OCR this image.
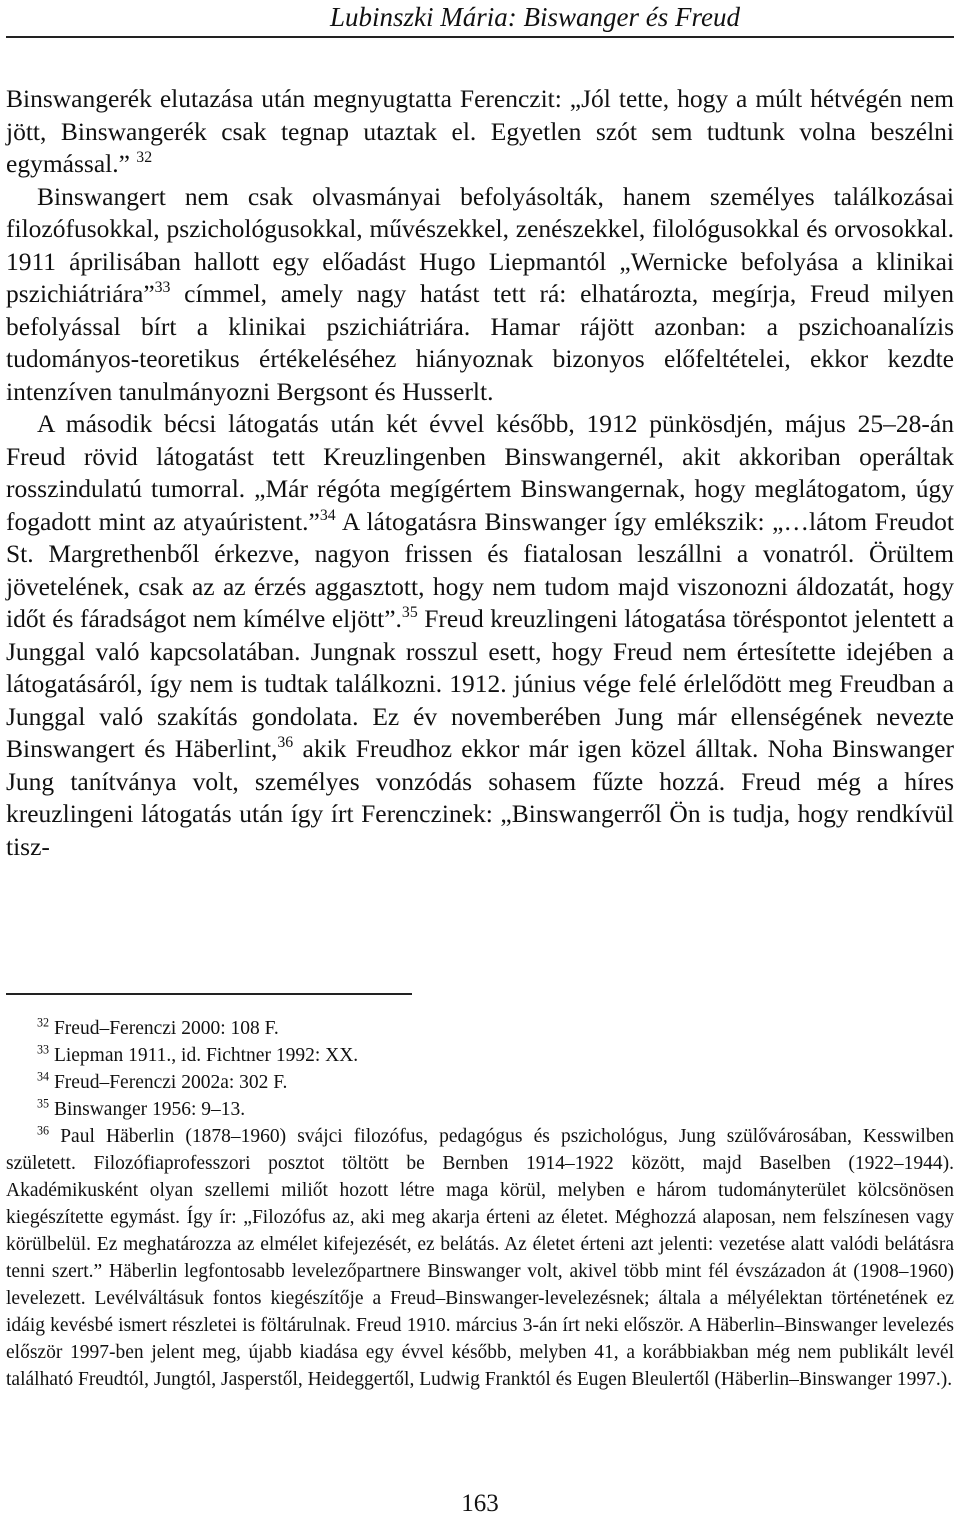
Lubinszki Mária: Biswanger és Freud

Binswangerék elutazása után megnyugtatta Ferenczit: „Jól tette, hogy a múlt hétvégén nem jött, Binswangerék csak tegnap utaztak el. Egyetlen szót sem tudtunk volna beszélni egymással.” $^{32}$

Binswangert nem csak olvasmányai befolyásolták, hanem személyes találkozásai filozófusokkal, pszichológusokkal, művészekkel, zenészekkel, filológusokkal és orvosokkal. 1911 áprilisában hallott egy előadást Hugo Liepmantól „Wernicke befolyása a klinikai pszichiátriára”$^{33}$ címmel, amely nagy hatást tett rá: elhatározta, megírja, Freud milyen befolyással bírt a klinikai pszichiátriára. Hamar rájött azonban: a pszichoanalízis tudományos-teoretikus értékeléséhez hiányoznak bizonyos előfeltételei, ekkor kezdte intenzíven tanulmányozni Bergsont és Husserlt.

A második bécsi látogatás után két évvel később, 1912 pünkösdjén, május 25–28-án Freud rövid látogatást tett Kreuzlingenben Binswangernél, akit akkoriban operáltak rosszindulatú tumorral. „Már régóta megígértem Binswangernak, hogy meglátogatom, úgy fogadott mint az atyaúristent.”$^{34}$ A látogatásra Binswanger így emlékszik: „…látom Freudot St. Margrethenből érkezve, nagyon frissen és fiatalosan leszállni a vonatról. Örültem jövetelének, csak az az érzés aggasztott, hogy nem tudom majd viszonozni áldozatát, hogy időt és fáradságot nem kímélve eljött”.$^{35}$ Freud kreuzlingeni látogatása töréspontot jelentett a Junggal való kapcsolatában. Jungnak rosszul esett, hogy Freud nem értesítette idejében a látogatásáról, így nem is tudtak találkozni. 1912. június vége felé érlelődött meg Freudban a Junggal való szakítás gondolata. Ez év novemberében Jung már ellenségének nevezte Binswangert és Häberlint,$^{36}$ akik Freudhoz ekkor már igen közel álltak. Noha Binswanger Jung tanítványa volt, személyes vonzódás sohasem fűzte hozzá. Freud még a híres kreuzlingeni látogatás után így írt Ferenczinek: „Binswangerről Ön is tudja, hogy rendkívül tisz-

$^{32}$ Freud–Ferenczi 2000: 108 F.

$^{33}$ Liepman 1911., id. Fichtner 1992: XX.

$^{34}$ Freud–Ferenczi 2002a: 302 F.

$^{35}$ Binswanger 1956: 9–13.

$^{36}$ Paul Häberlin (1878–1960) svájci filozófus, pedagógus és pszichológus, Jung szülővárosában, Kesswilben született. Filozófiaprofesszori posztot töltött be Bernben 1914–1922 között, majd Baselben (1922–1944). Akadémikusként olyan szellemi miliőt hozott létre maga körül, melyben e három tudományterület kölcsönösen kiegészítette egymást. Így ír: „Filozófus az, aki meg akarja érteni az életet. Méghozzá alaposan, nem felszínesen vagy körülbelül. Ez meghatározza az elmélet kifejezését, ez belátás. Az életet érteni azt jelenti: vezetése alatt valódi belátásra tenni szert.” Häberlin legfontosabb levelezőpartnere Binswanger volt, akivel több mint fél évszázadon át (1908–1960) levelezett. Levélváltásuk fontos kiegészítője a Freud–Binswanger-levelezésnek; általa a mélyélektan történetének ez idáig kevésbé ismert részletei is föltárulnak. Freud 1910. március 3-án írt neki először. A Häberlin–Binswanger levelezés először 1997-ben jelent meg, újabb kiadása egy évvel később, melyben 41, a korábbiakban még nem publikált levél található Freudtól, Jungtól, Jasperstől, Heideggertől, Ludwig Franktól és Eugen Bleulertől (Häberlin–Binswanger 1997.).

163
